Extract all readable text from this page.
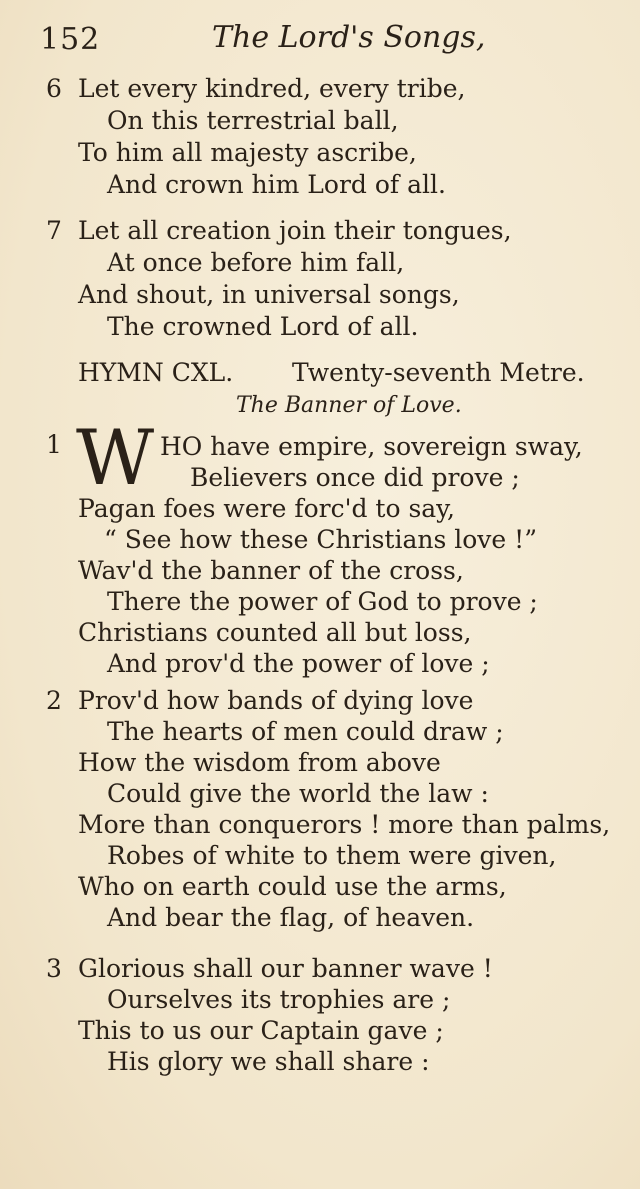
152	The Lord's Songs,
6 Let every kindred, every tribe,
On this terrestrial ball,
To him all majesty ascribe,
And crown him Lord of all.
7 Let all creation join their tongues,
At once before him fall,
And shout, in universal songs,
The crowned Lord of all.
HYMN CXL. Twenty-seventh Metre.
The Banner of Love.
1 W HO have empire, sovereign sway,
Believers once did prove ;
Pagan foes were forc'd to say,
“ See how these Christians love !”
Wav'd the banner of the cross,
There the power of God to prove ;
Christians counted all but loss,
And prov'd the power of love ;
2 Prov'd how bands of dying love
The hearts of men could draw ;
How the wisdom from above
Could give the world the law :
More than conquerors ! more than palms,
Robes of white to them were given,
Who on earth could use the arms,
And bear the flag, of heaven.
3 Glorious shall our banner wave !
Ourselves its trophies are ;
This to us our Captain gave ;
His glory we shall share :
